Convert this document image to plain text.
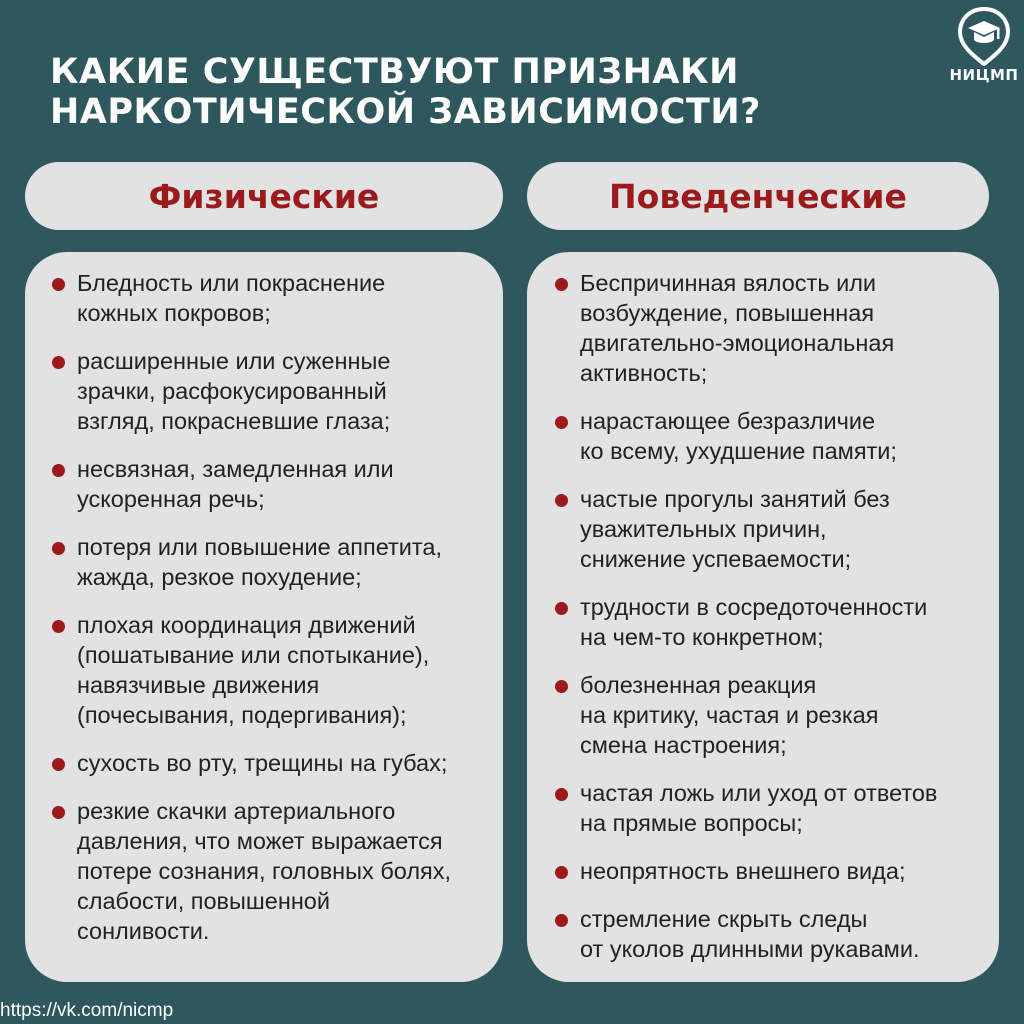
КАКИЕ СУЩЕСТВУЮТ ПРИЗНАКИ
НАРКОТИЧЕСКОЙ ЗАВИСИМОСТИ?
НИЦМП
Физические	Поведенческие
Бледность или покраснение
кожных покровов;
расширенные или суженные
зрачки, расфокусированный
взгляд, покрасневшие глаза;
несвязная, замедленная или
ускоренная речь;
потеря или повышение аппетита,
жажда, резкое похудение;
плохая координация движений
(пошатывание или спотыкание),
навязчивые движения
(почесывания, подергивания);
сухость во рту, трещины на губах;
резкие скачки артериального
давления, что может выражается
потере сознания, головных болях,
слабости, повышенной
сонливости.
Беспричинная вялость или
возбуждение, повышенная
двигательно-эмоциональная
активность;
нарастающее безразличие
ко всему, ухудшение памяти;
частые прогулы занятий без
уважительных причин,
снижение успеваемости;
трудности в сосредоточенности
на чем-то конкретном;
болезненная реакция
на критику, частая и резкая
смена настроения;
частая ложь или уход от ответов
на прямые вопросы;
неопрятность внешнего вида;
стремление скрыть следы
от уколов длинными рукавами.
https://vk.com/nicmp
